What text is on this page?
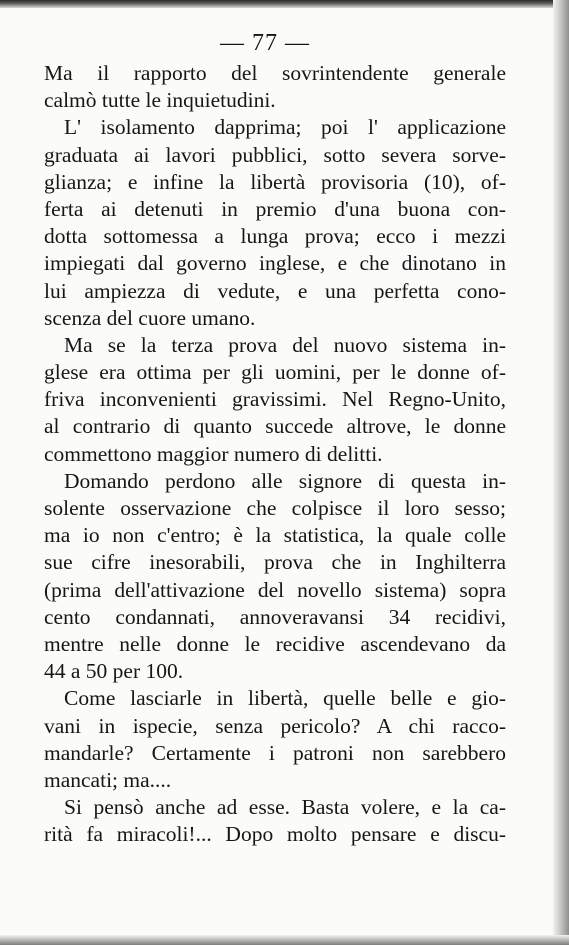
— 77 —
Ma il rapporto del sovrintendente generale
calmò tutte le inquietudini.
L' isolamento dapprima; poi l' applicazione
graduata ai lavori pubblici, sotto severa sorve-
glianza; e infine la libertà provisoria (10), of-
ferta ai detenuti in premio d'una buona con-
dotta sottomessa a lunga prova; ecco i mezzi
impiegati dal governo inglese, e che dinotano in
lui ampiezza di vedute, e una perfetta cono-
scenza del cuore umano.
Ma se la terza prova del nuovo sistema in-
glese era ottima per gli uomini, per le donne of-
friva inconvenienti gravissimi. Nel Regno-Unito,
al contrario di quanto succede altrove, le donne
commettono maggior numero di delitti.
Domando perdono alle signore di questa in-
solente osservazione che colpisce il loro sesso;
ma io non c'entro; è la statistica, la quale colle
sue cifre inesorabili, prova che in Inghilterra
(prima dell'attivazione del novello sistema) sopra
cento condannati, annoveravansi 34 recidivi,
mentre nelle donne le recidive ascendevano da
44 a 50 per 100.
Come lasciarle in libertà, quelle belle e gio-
vani in ispecie, senza pericolo? A chi racco-
mandarle? Certamente i patroni non sarebbero
mancati; ma....
Si pensò anche ad esse. Basta volere, e la ca-
rità fa miracoli!... Dopo molto pensare e discu-
